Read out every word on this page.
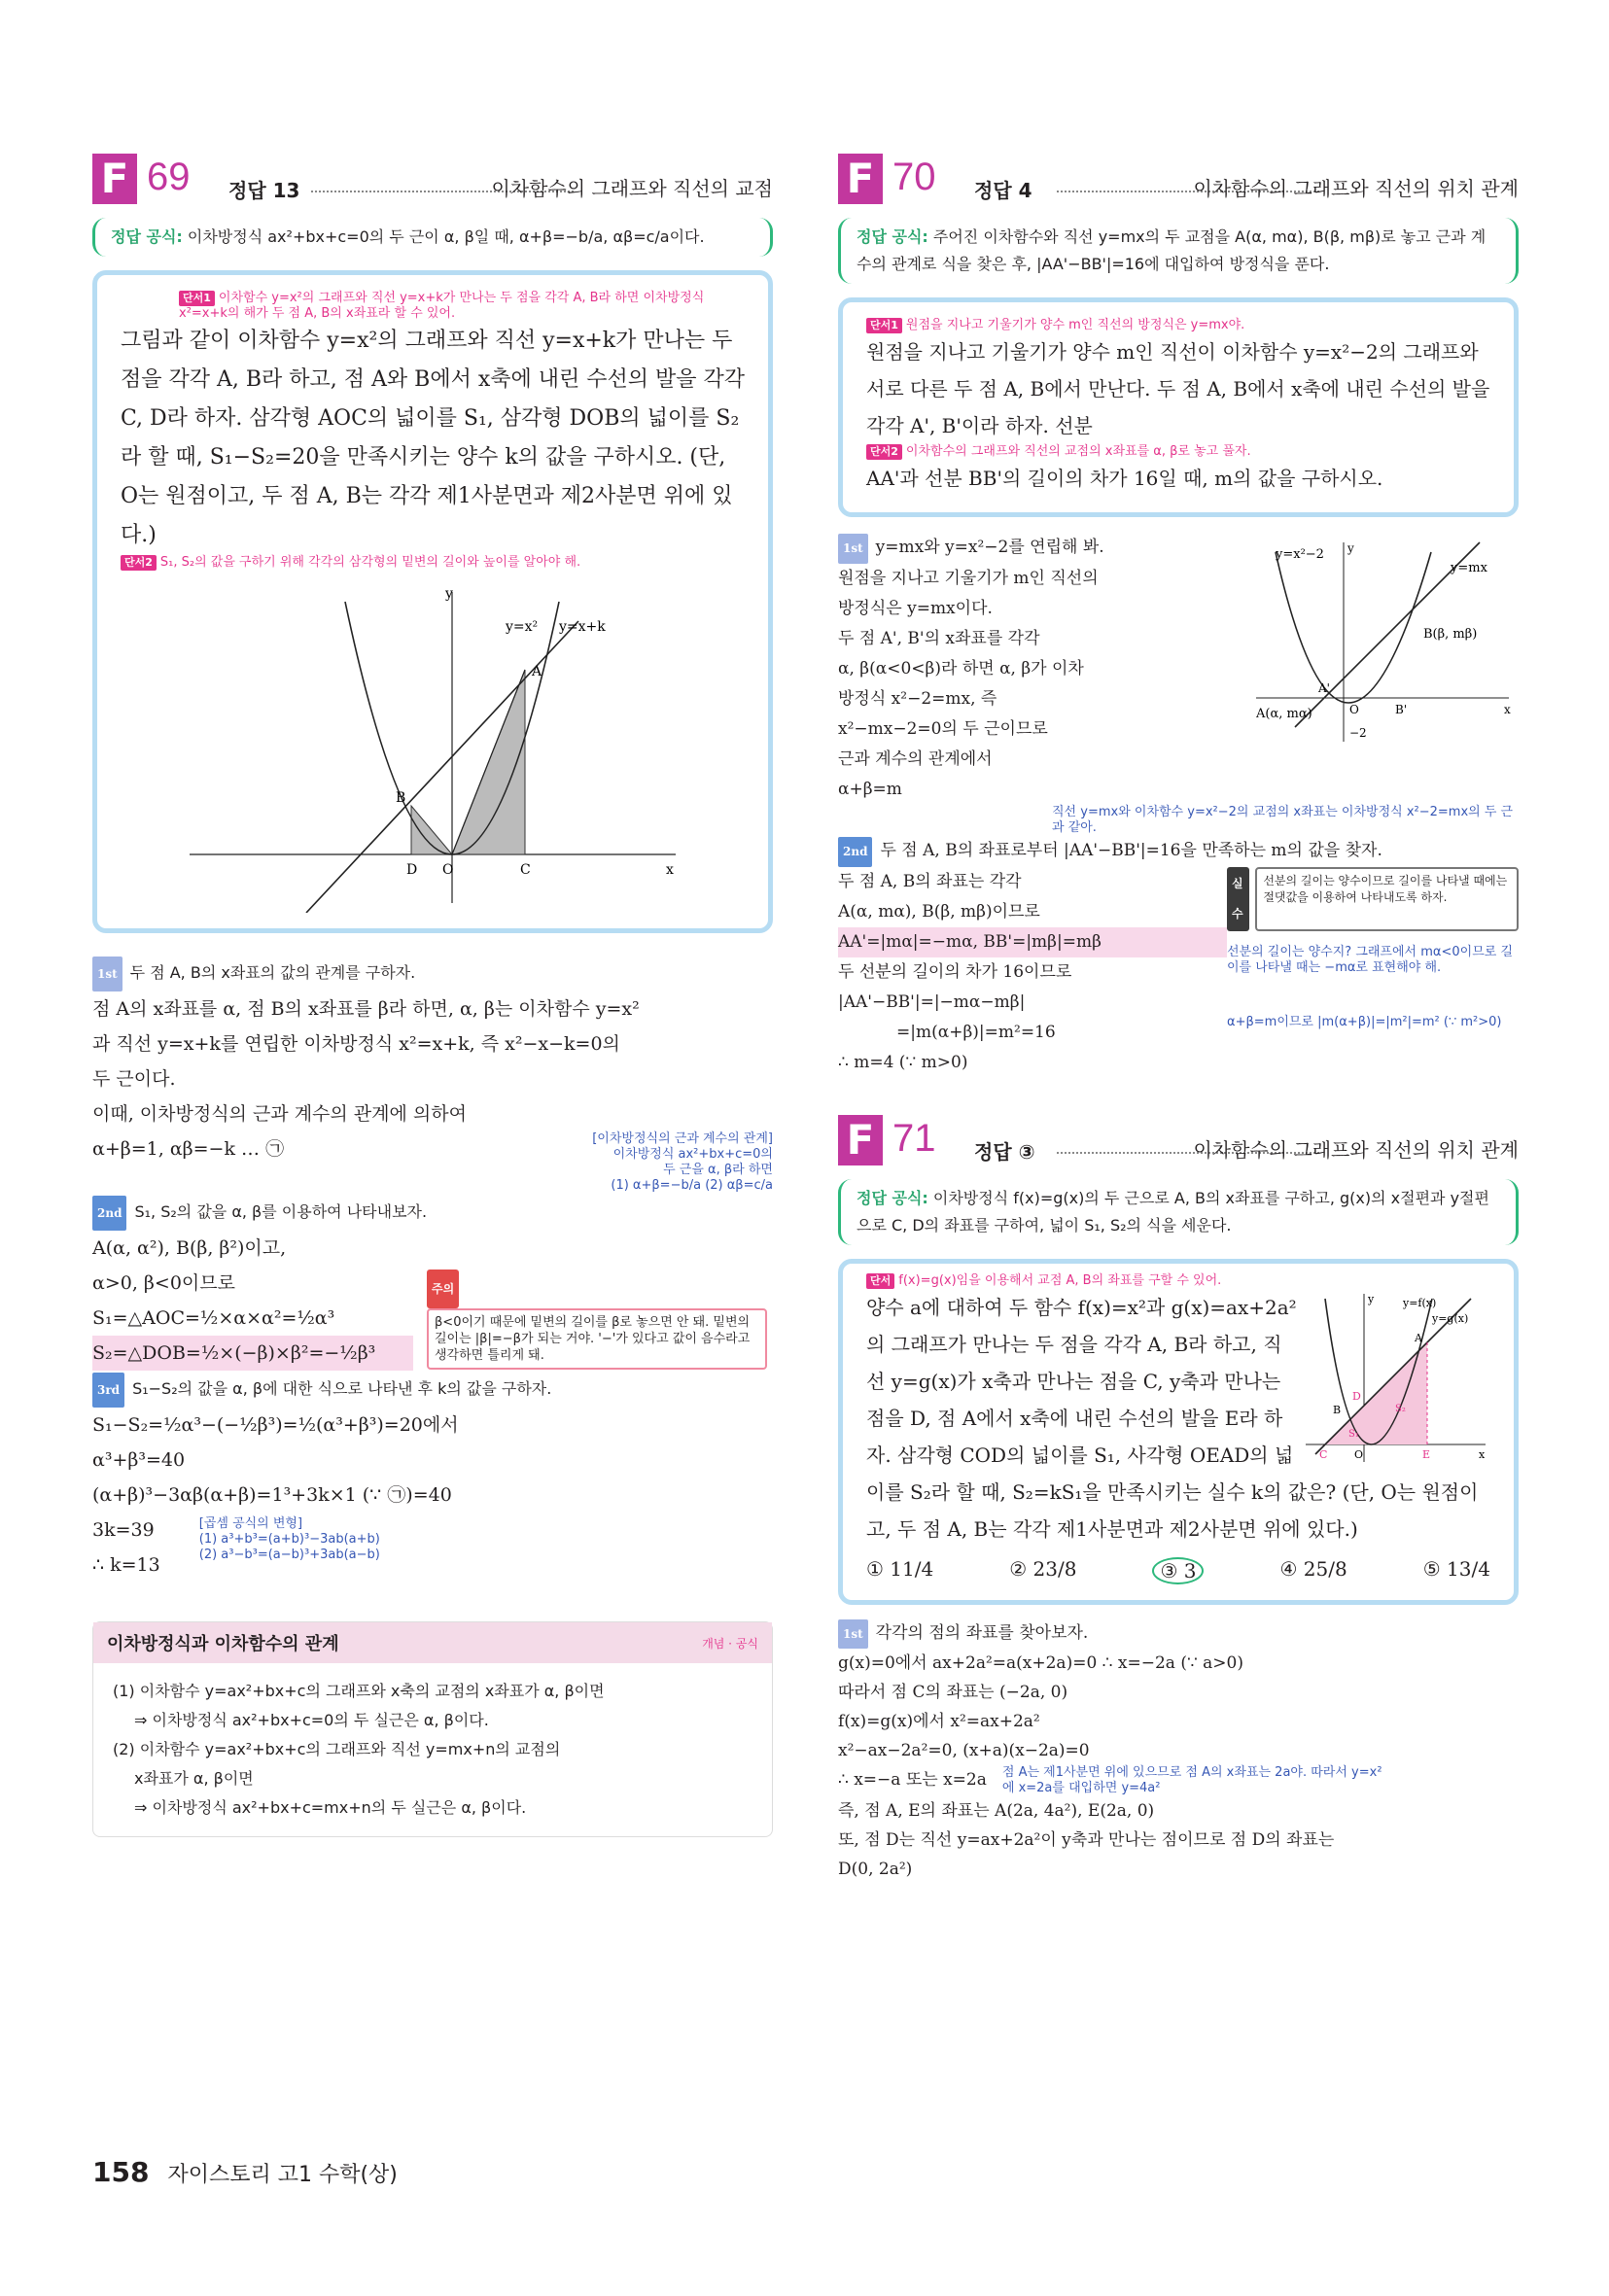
F 69 정답 13	이차함수의 그래프와 직선의 교점
정답 공식: 이차방정식 ax²+bx+c=0의 두 근이 α, β일 때, α+β=−b/a, αβ=c/a이다.
단서1 이차함수 y=x²의 그래프와 직선 y=x+k가 만나는 두 점을 각각 A, B라 하면 이차방정식 x²=x+k의 해가 두 점 A, B의 x좌표라 할 수 있어.
그림과 같이 이차함수 y=x²의 그래프와 직선 y=x+k가 만나는 두 점을 각각 A, B라 하고, 점 A와 B에서 x축에 내린 수선의 발을 각각 C, D라 하자. 삼각형 AOC의 넓이를 S₁, 삼각형 DOB의 넓이를 S₂라 할 때, S₁−S₂=20을 만족시키는 양수 k의 값을 구하시오. (단, O는 원점이고, 두 점 A, B는 각각 제1사분면과 제2사분면 위에 있다.)
단서2 S₁, S₂의 값을 구하기 위해 각각의 삼각형의 밑변의 길이와 높이를 알아야 해.
y
x
y=x² y=x+k
A
B
C
D O
1st 두 점 A, B의 x좌표의 값의 관계를 구하자.
점 A의 x좌표를 α, 점 B의 x좌표를 β라 하면, α, β는 이차함수 y=x²
과 직선 y=x+k를 연립한 이차방정식 x²=x+k, 즉 x²−x−k=0의
두 근이다.
이때, 이차방정식의 근과 계수의 관계에 의하여
α+β=1, αβ=−k … ㉠	[이차방정식의 근과 계수의 관계]
이차방정식 ax²+bx+c=0의
두 근을 α, β라 하면
(1) α+β=−b/a (2) αβ=c/a
2nd S₁, S₂의 값을 α, β를 이용하여 나타내보자.
A(α, α²), B(β, β²)이고,
α>0, β<0이므로
S₁=△AOC=½×α×α²=½α³
S₂=△DOB=½×(−β)×β²=−½β³
주의
β<0이기 때문에 밑변의 길이를 β로 놓으면 안 돼. 밑변의 길이는 |β|=−β가 되는 거야. '−'가 있다고 값이 음수라고 생각하면 틀리게 돼.
3rd S₁−S₂의 값을 α, β에 대한 식으로 나타낸 후 k의 값을 구하자.
S₁−S₂=½α³−(−½β³)=½(α³+β³)=20에서
α³+β³=40
(α+β)³−3αβ(α+β)=1³+3k×1 (∵ ㉠)=40
3k=39
∴ k=13
[곱셈 공식의 변형]
(1) a³+b³=(a+b)³−3ab(a+b)
(2) a³−b³=(a−b)³+3ab(a−b)
이차방정식과 이차함수의 관계	개념 · 공식
(1) 이차함수 y=ax²+bx+c의 그래프와 x축의 교점의 x좌표가 α, β이면
⇒ 이차방정식 ax²+bx+c=0의 두 실근은 α, β이다.
(2) 이차함수 y=ax²+bx+c의 그래프와 직선 y=mx+n의 교점의
x좌표가 α, β이면
⇒ 이차방정식 ax²+bx+c=mx+n의 두 실근은 α, β이다.
F 70 정답 4	이차함수의 그래프와 직선의 위치 관계
정답 공식: 주어진 이차함수와 직선 y=mx의 두 교점을 A(α, mα), B(β, mβ)로 놓고 근과 계수의 관계로 식을 찾은 후, |AA'−BB'|=16에 대입하여 방정식을 푼다.
단서1 원점을 지나고 기울기가 양수 m인 직선의 방정식은 y=mx야.
원점을 지나고 기울기가 양수 m인 직선이 이차함수 y=x²−2의 그래프와 서로 다른 두 점 A, B에서 만난다. 두 점 A, B에서 x축에 내린 수선의 발을 각각 A', B'이라 하자. 선분
단서2 이차함수의 그래프와 직선의 교점의 x좌표를 α, β로 놓고 풀자.
AA'과 선분 BB'의 길이의 차가 16일 때, m의 값을 구하시오.
1st y=mx와 y=x²−2를 연립해 봐.
원점을 지나고 기울기가 m인 직선의
방정식은 y=mx이다.
두 점 A', B'의 x좌표를 각각
α, β(α<0<β)라 하면 α, β가 이차
방정식 x²−2=mx, 즉
x²−mx−2=0의 두 근이므로
근과 계수의 관계에서
α+β=m
y=x²−2
y=mx
y
x
B(β, mβ)
A(α, mα)
A'
B'
O
−2
직선 y=mx와 이차함수 y=x²−2의 교점의 x좌표는 이차방정식 x²−2=mx의 두 근과 같아.
2nd 두 점 A, B의 좌표로부터 |AA'−BB'|=16을 만족하는 m의 값을 찾자.
두 점 A, B의 좌표는 각각
A(α, mα), B(β, mβ)이므로
AA'=|mα|=−mα, BB'=|mβ|=mβ
두 선분의 길이의 차가 16이므로
|AA'−BB'|=|−mα−mβ|
=|m(α+β)|=m²=16
∴ m=4 (∵ m>0)
실수
선분의 길이는 양수이므로 길이를 나타낼 때에는 절댓값을 이용하여 나타내도록 하자.
선분의 길이는 양수지? 그래프에서 mα<0이므로 길이를 나타낼 때는 −mα로 표현해야 해.
α+β=m이므로 |m(α+β)|=|m²|=m² (∵ m²>0)
F 71 정답 ③	이차함수의 그래프와 직선의 위치 관계
정답 공식: 이차방정식 f(x)=g(x)의 두 근으로 A, B의 x좌표를 구하고, g(x)의 x절편과 y절편으로 C, D의 좌표를 구하여, 넓이 S₁, S₂의 식을 세운다.
단서 f(x)=g(x)임을 이용해서 교점 A, B의 좌표를 구할 수 있어.
y
x
y=f(x)
y=g(x)
A
B
C
D
E
O
S₁
S₂
양수 a에 대하여 두 함수 f(x)=x²과 g(x)=ax+2a²의 그래프가 만나는 두 점을 각각 A, B라 하고, 직선 y=g(x)가 x축과 만나는 점을 C, y축과 만나는 점을 D, 점 A에서 x축에 내린 수선의 발을 E라 하자. 삼각형 COD의 넓이를 S₁, 사각형 OEAD의 넓이를 S₂라 할 때, S₂=kS₁을 만족시키는 실수 k의 값은? (단, O는 원점이고, 두 점 A, B는 각각 제1사분면과 제2사분면 위에 있다.)
① 11/4	② 23/8	③ 3	④ 25/8	⑤ 13/4
1st 각각의 점의 좌표를 찾아보자.
g(x)=0에서 ax+2a²=a(x+2a)=0 ∴ x=−2a (∵ a>0)
따라서 점 C의 좌표는 (−2a, 0)
f(x)=g(x)에서 x²=ax+2a²
x²−ax−2a²=0, (x+a)(x−2a)=0
∴ x=−a 또는 x=2a 점 A는 제1사분면 위에 있으므로 점 A의 x좌표는 2a야. 따라서 y=x²에 x=2a를 대입하면 y=4a²
즉, 점 A, E의 좌표는 A(2a, 4a²), E(2a, 0)
또, 점 D는 직선 y=ax+2a²이 y축과 만나는 점이므로 점 D의 좌표는
D(0, 2a²)
158 자이스토리 고1 수학(상)
